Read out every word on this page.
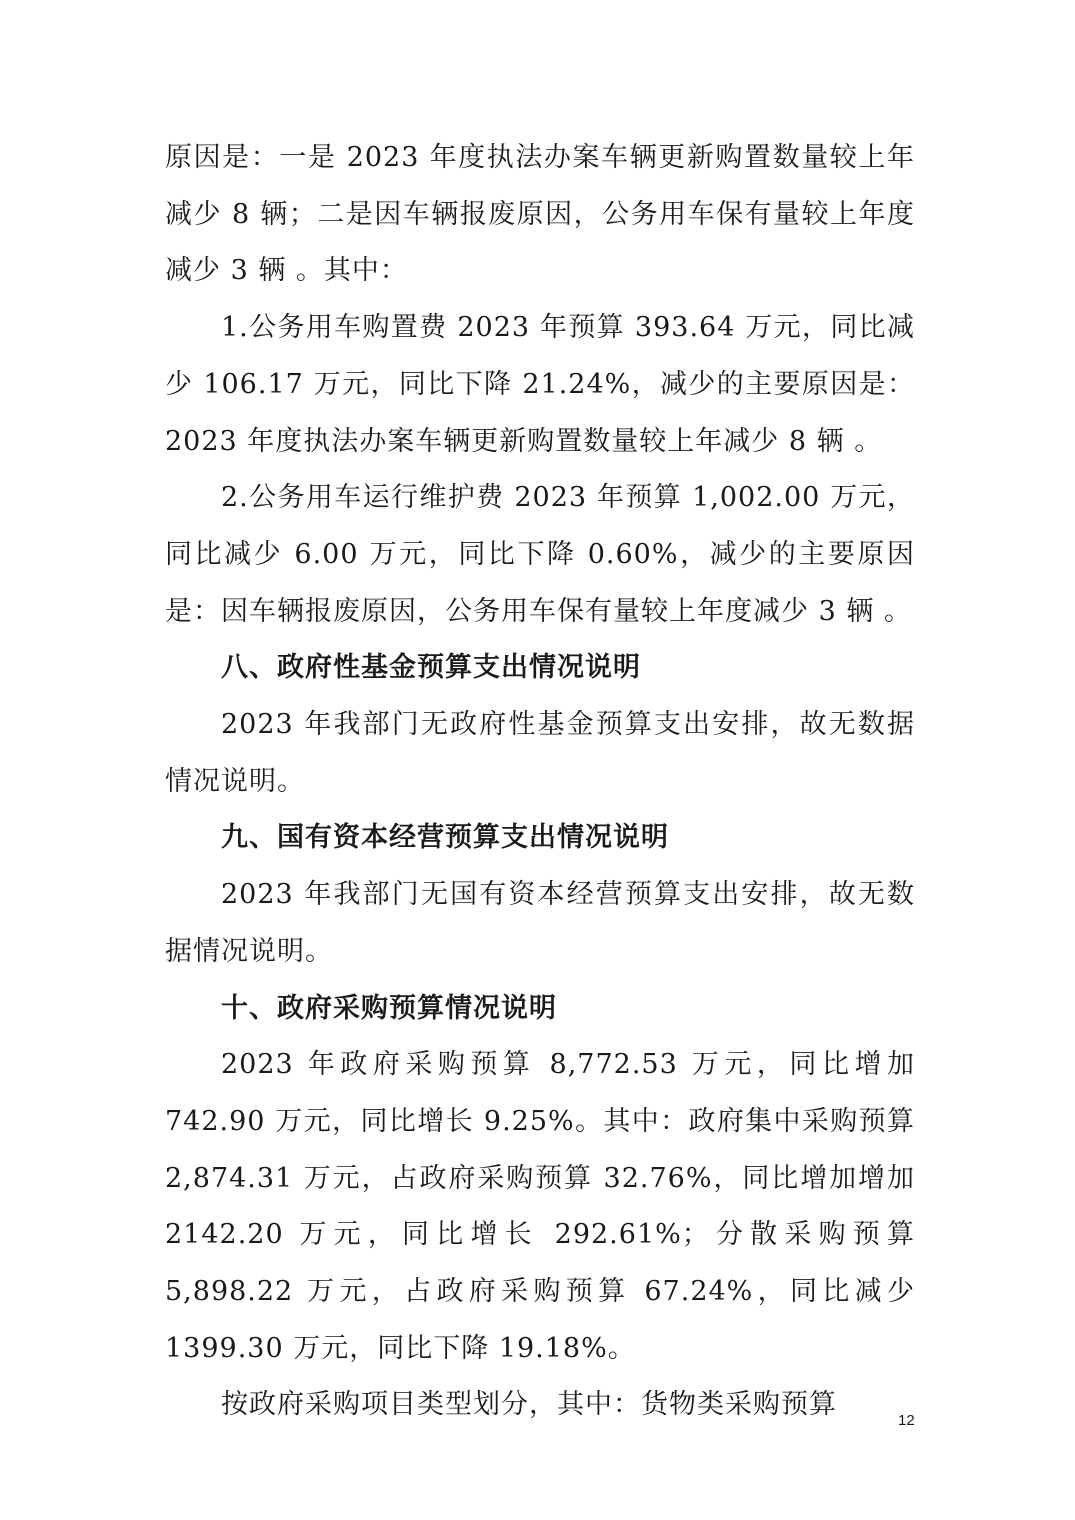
原因是：一是 2023 年度执法办案车辆更新购置数量较上年减少 8 辆；二是因车辆报废原因，公务用车保有量较上年度减少 3 辆 。其中：

1.公务用车购置费 2023 年预算 393.64 万元，同比减少 106.17 万元，同比下降 21.24%，减少的主要原因是：2023 年度执法办案车辆更新购置数量较上年减少 8 辆 。

2.公务用车运行维护费 2023 年预算 1,002.00 万元，同比减少 6.00 万元，同比下降 0.60%，减少的主要原因是：因车辆报废原因，公务用车保有量较上年度减少 3 辆 。

八、政府性基金预算支出情况说明

2023 年我部门无政府性基金预算支出安排，故无数据情况说明。

九、国有资本经营预算支出情况说明

2023 年我部门无国有资本经营预算支出安排，故无数据情况说明。

十、政府采购预算情况说明

2023 年政府采购预算 8,772.53 万元，同比增加 742.90 万元，同比增长 9.25%。其中：政府集中采购预算 2,874.31 万元，占政府采购预算 32.76%，同比增加增加 2142.20 万元，同比增长 292.61%；分散采购预算 5,898.22 万元，占政府采购预算 67.24%，同比减少 1399.30 万元，同比下降 19.18%。

按政府采购项目类型划分，其中：货物类采购预算

12
